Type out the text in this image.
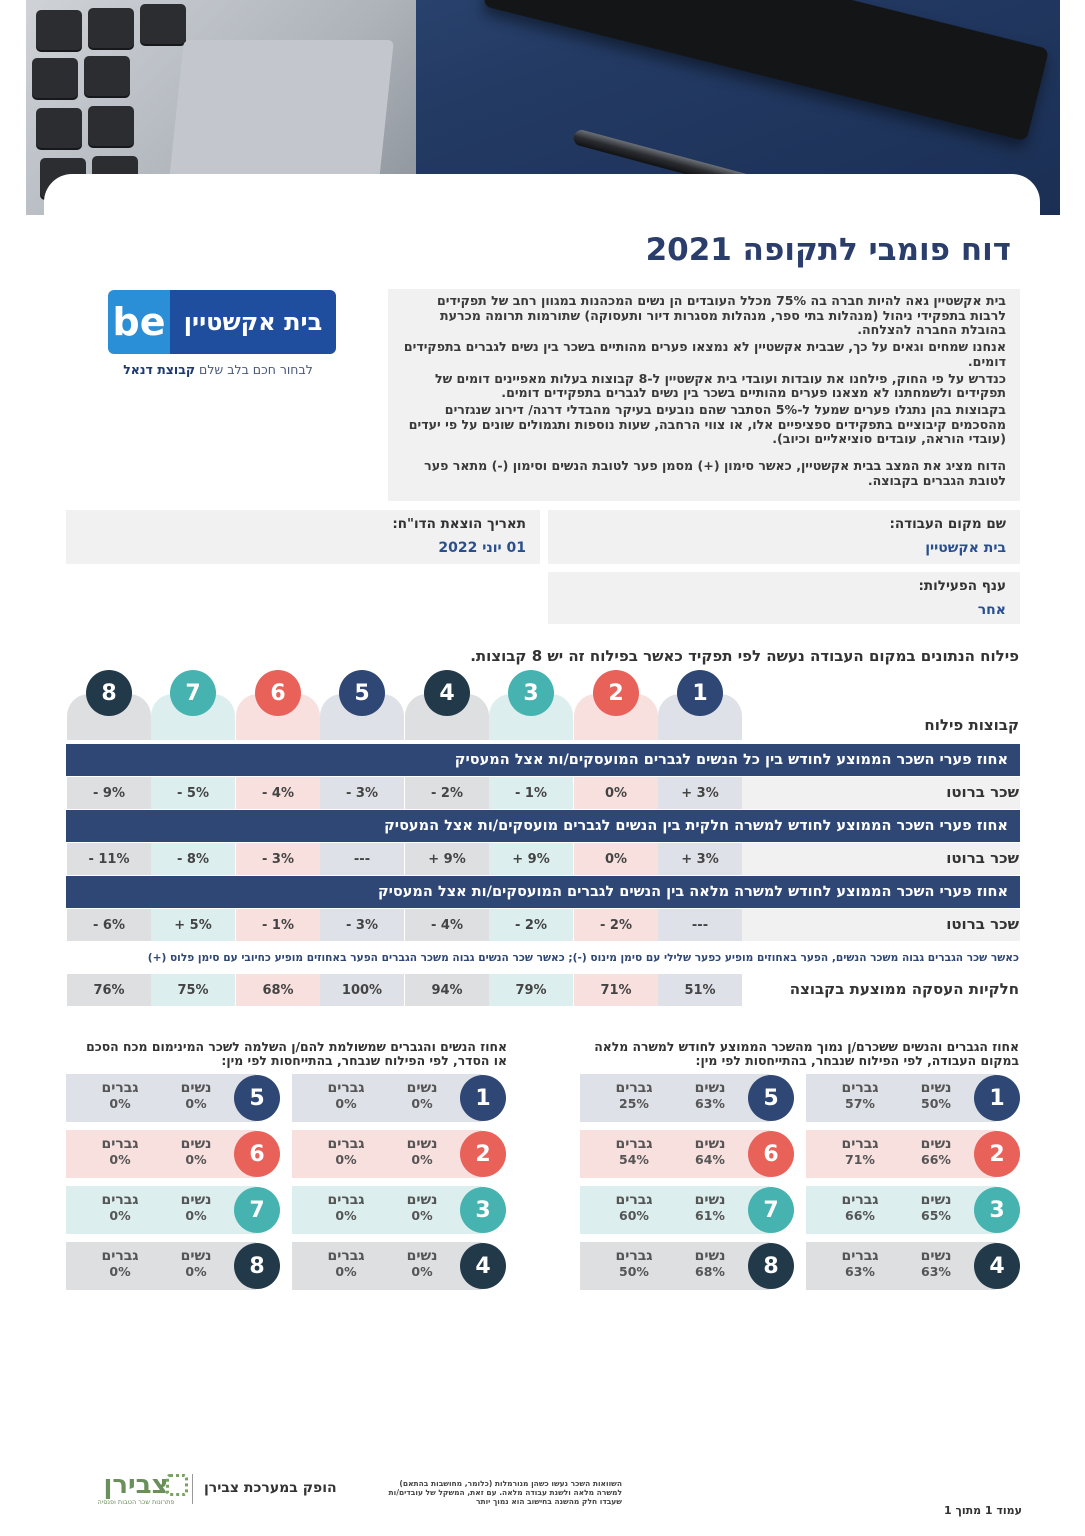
דוח פומבי לתקופה 2021

בית אקשטיין גאה להיות חברה בה 75% מכלל העובדים הן נשים המכהנות במגוון רחב של תפקידים לרבות בתפקידי ניהול (מנהלות בתי ספר, מנהלות מסגרות דיור ותעסוקה) שתורמות תרומה מכרעת בהובלת החברה להצלחה.

אנחנו שמחים וגאים על כך, שבבית אקשטיין לא נמצאו פערים מהותיים בשכר בין נשים לגברים בתפקידים דומים.

כנדרש על פי החוק, פילחנו את עובדות ועובדי בית אקשטיין ל-8 קבוצות בעלות מאפיינים דומים של תפקידים ולשמחתנו לא מצאנו פערים מהותיים בשכר בין נשים לגברים בתפקידים דומים.

בקבוצות בהן נתגלו פערים שמעל ל-5% הסתבר שהם נובעים בעיקר מהבדלי דרגה/ דירוג שנגזרים מהסכמים קיבוציים בתפקידים ספציפיים אלו, או צווי הרחבה, שעות נוספות ותגמולים שונים על פי יעדים (עובדי הוראה, עובדים סוציאליים וכיוב).

הדוח מציג את המצב בבית אקשטיין, כאשר סימון (+) מסמן פער לטובת הנשים וסימון (-) מתאר פער לטובת הגברים בקבוצה.

be בית אקשטיין
לבחור חכם בלב שלם קבוצת דנאל
שם מקום העבודה:
בית אקשטיין
תאריך הוצאת הדו"ח:
01 יוני 2022
ענף הפעילות:
אחר
פילוח הנתונים במקום העבודה נעשה לפי תפקיד כאשר בפילוח זה יש 8 קבוצות.
1
2
3
4
5
6
7
8
אחוז פערי השכר הממוצע לחודש בין כל הנשים לגברים המועסקים/ות אצל המעסיק
שכר ברוטו
+ 3%
0%
- 1%
- 2%
- 3%
- 4%
- 5%
- 9%
אחוז פערי השכר הממוצע לחודש למשרה חלקית בין הנשים לגברים מועסקים/ות אצל המעסיק
שכר ברוטו
+ 3%
0%
+ 9%
+ 9%
---
- 3%
- 8%
- 11%
אחוז פערי השכר הממוצע לחודש למשרה מלאה בין הנשים לגברים המועסקים/ות אצל המעסיק
שכר ברוטו
---
- 2%
- 2%
- 4%
- 3%
- 1%
+ 5%
- 6%
חלקיות העסקה ממוצעת בקבוצה
51%
71%
79%
94%
100%
68%
75%
76%
קבוצות פילוח
כאשר שכר הגברים גבוה משכר הנשים, הפער באחוזים מופיע כפער שלילי עם סימן מינוס (-); כאשר שכר הנשים גבוה משכר הגברים הפער באחוזים מופיע כחיובי עם סימן פלוס (+)
אחוז הגברים והנשים ששכרם/ן נמוך מהשכר הממוצע לחודש למשרה מלאה במקום העבודה, לפי הפילוח שנבחר, בהתייחסות לפי מין:
אחוז הנשים והגברים שמשולמת להם/ן השלמה לשכר המינימום מכח הסכם או הסדר, לפי הפילוח שנבחר, בהתייחסות לפי מין:
1
נשים
50%
גברים
57%
2
נשים
66%
גברים
71%
3
נשים
65%
גברים
66%
4
נשים
63%
גברים
63%
5
נשים
63%
גברים
25%
6
נשים
64%
גברים
54%
7
נשים
61%
גברים
60%
8
נשים
68%
גברים
50%
1
נשים
0%
גברים
0%
2
נשים
0%
גברים
0%
3
נשים
0%
גברים
0%
4
נשים
0%
גברים
0%
5
נשים
0%
גברים
0%
6
נשים
0%
גברים
0%
7
נשים
0%
גברים
0%
8
נשים
0%
גברים
0%
השוואות השכר נעשו כשהן מנורמלות (כלומר, מחושבות בהתאם) למשרה מלאה ולשנת עבודה מלאה. עם זאת, המשקל של עובדים/ות שעבדו חלק מהשנה בחישוב הוא נמוך יותר
הופק במערכת צבירן
צבירן
פתרונות שכר הטבות ופנסיה
עמוד 1 מתוך 1
